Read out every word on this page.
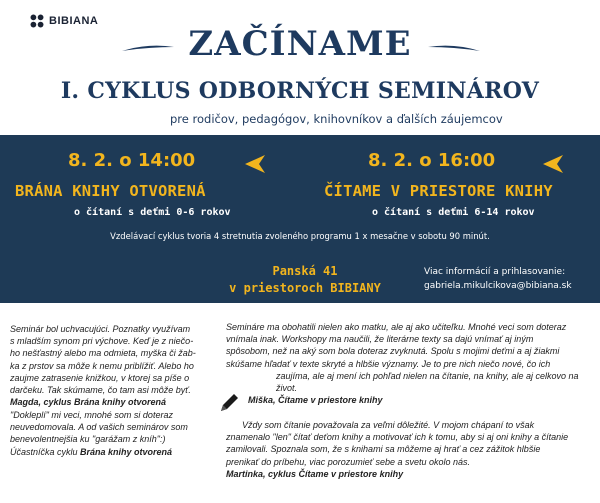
BIBIANA
ZAČÍNAME
I. CYKLUS ODBORNÝCH SEMINÁROV
pre rodičov, pedagógov, knihovníkov a ďalších záujemcov
8. 2. o 14:00
BRÁNA KNIHY OTVORENÁ
o čítaní s deťmi 0-6 rokov
8. 2. o 16:00
ČÍTAME V PRIESTORE KNIHY
o čítaní s deťmi 6-14 rokov
Vzdelávací cyklus tvoria 4 stretnutia zvoleného programu 1 x mesačne v sobotu 90 minút.
Panská 41
v priestoroch BIBIANY
Viac informácií a prihlasovanie:
gabriela.mikulcikova@bibiana.sk
Seminár bol uchvacujúci. Poznatky využívam
s mladším synom pri výchove. Keď je z niečo-
ho nešťastný alebo ma odmieta, myška či žab-
ka z prstov sa môže k nemu priblížiť. Alebo ho
zaujme zatrasenie knižkou, v ktorej sa píše o
darčeku. Tak skúmame, čo tam asi môže byť.
Magda, cyklus Brána knihy otvorená
"Dokleplí" mi veci, mnohé som si doteraz
neuvedomovala. A od vašich seminárov som
benevolentnejšia ku "garážam z kníh":)
Účastníčka cyklu Brána knihy otvorená
Semináre ma obohatili nielen ako matku, ale aj ako učiteľku. Mnohé veci som doteraz
vnímala inak. Workshopy ma naučili, že literárne texty sa dajú vnímať aj iným
spôsobom, než na aký som bola doteraz zvyknutá. Spolu s mojimi deťmi a aj žiakmi
skúšame hľadať v texte skryté a hlbšie významy. Je to pre nich niečo nové, čo ich
zaujíma, ale aj mení ich pohľad nielen na čítanie, na knihy, ale aj celkovo na život.
Miška, Čítame v priestore knihy
Vždy som čítanie považovala za veľmi dôležité. V mojom chápaní to však
znamenalo "len" čítať deťom knihy a motivovať ich k tomu, aby si aj oni knihy a čítanie
zamilovali. Spoznala som, že s knihami sa môžeme aj hrať a cez zážitok hlbšie
prenikať do príbehu, viac porozumieť sebe a svetu okolo nás.
Martinka, cyklus Čítame v priestore knihy
